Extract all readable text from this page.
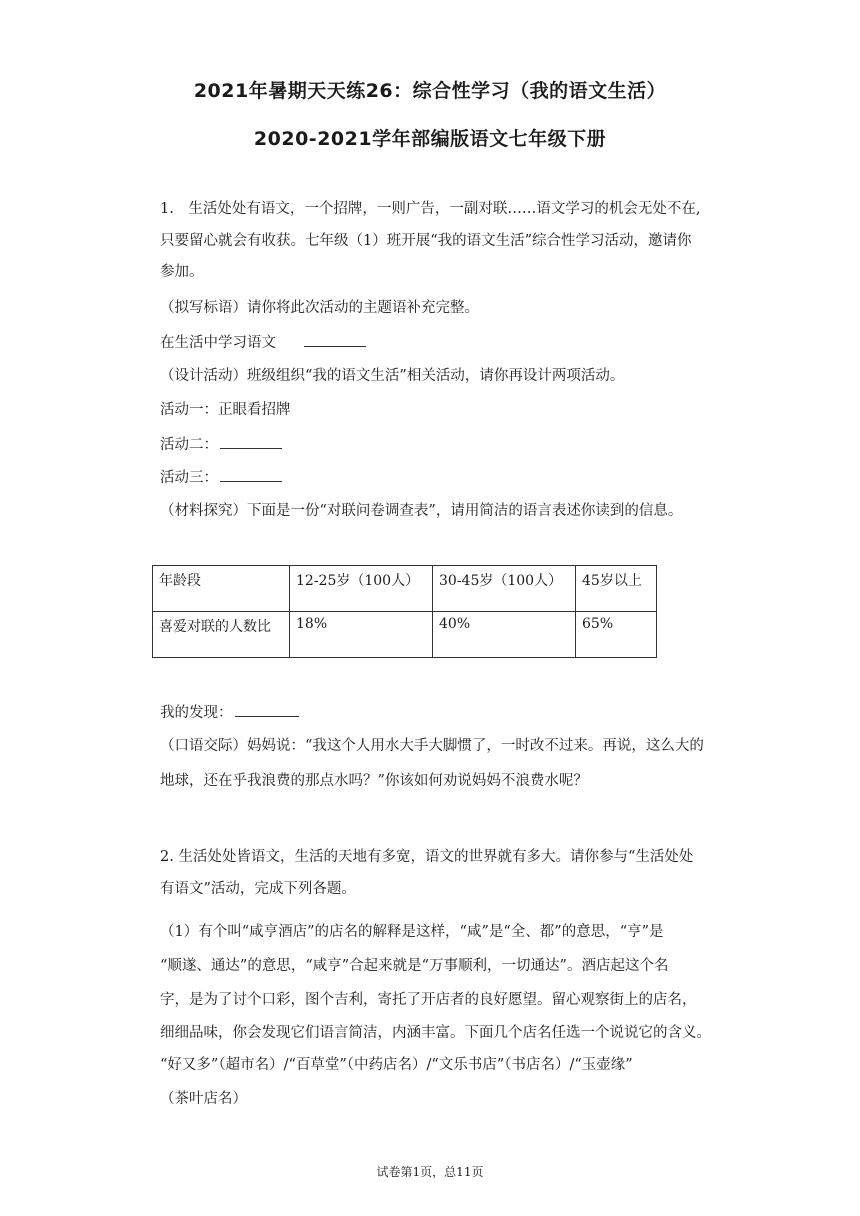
2021年暑期天天练26：综合性学习（我的语文生活）
2020-2021学年部编版语文七年级下册
1.　生活处处有语文，一个招牌，一则广告，一副对联……语文学习的机会无处不在,
只要留心就会有收获。七年级（1）班开展“我的语文生活”综合性学习活动，邀请你
参加。
（拟写标语）请你将此次活动的主题语补充完整。
在生活中学习语文
（设计活动）班级组织“我的语文生活”相关活动，请你再设计两项活动。
活动一：正眼看招牌
活动二：
活动三：
（材料探究）下面是一份“对联问卷调查表”，请用简洁的语言表述你读到的信息。
年龄段	12-25岁（100人）	30-45岁（100人）	45岁以上
喜爱对联的人数比	18%	40%	65%
我的发现：
（口语交际）妈妈说：“我这个人用水大手大脚惯了，一时改不过来。再说，这么大的
地球，还在乎我浪费的那点水吗？”你该如何劝说妈妈不浪费水呢？
2. 生活处处皆语文，生活的天地有多宽，语文的世界就有多大。请你参与“生活处处
有语文”活动，完成下列各题。
（1）有个叫“咸亨酒店”的店名的解释是这样，“咸”是“全、都”的意思，“亨”是
“顺遂、通达”的意思，“咸亨”合起来就是“万事顺利，一切通达”。酒店起这个名
字，是为了讨个口彩，图个吉利，寄托了开店者的良好愿望。留心观察街上的店名，
细细品味，你会发现它们语言简洁，内涵丰富。下面几个店名任选一个说说它的含义。
“好又多”（超市名）/“百草堂”（中药店名）/“文乐书店”（书店名）/“玉壶缘”
（茶叶店名）
试卷第1页，总11页
